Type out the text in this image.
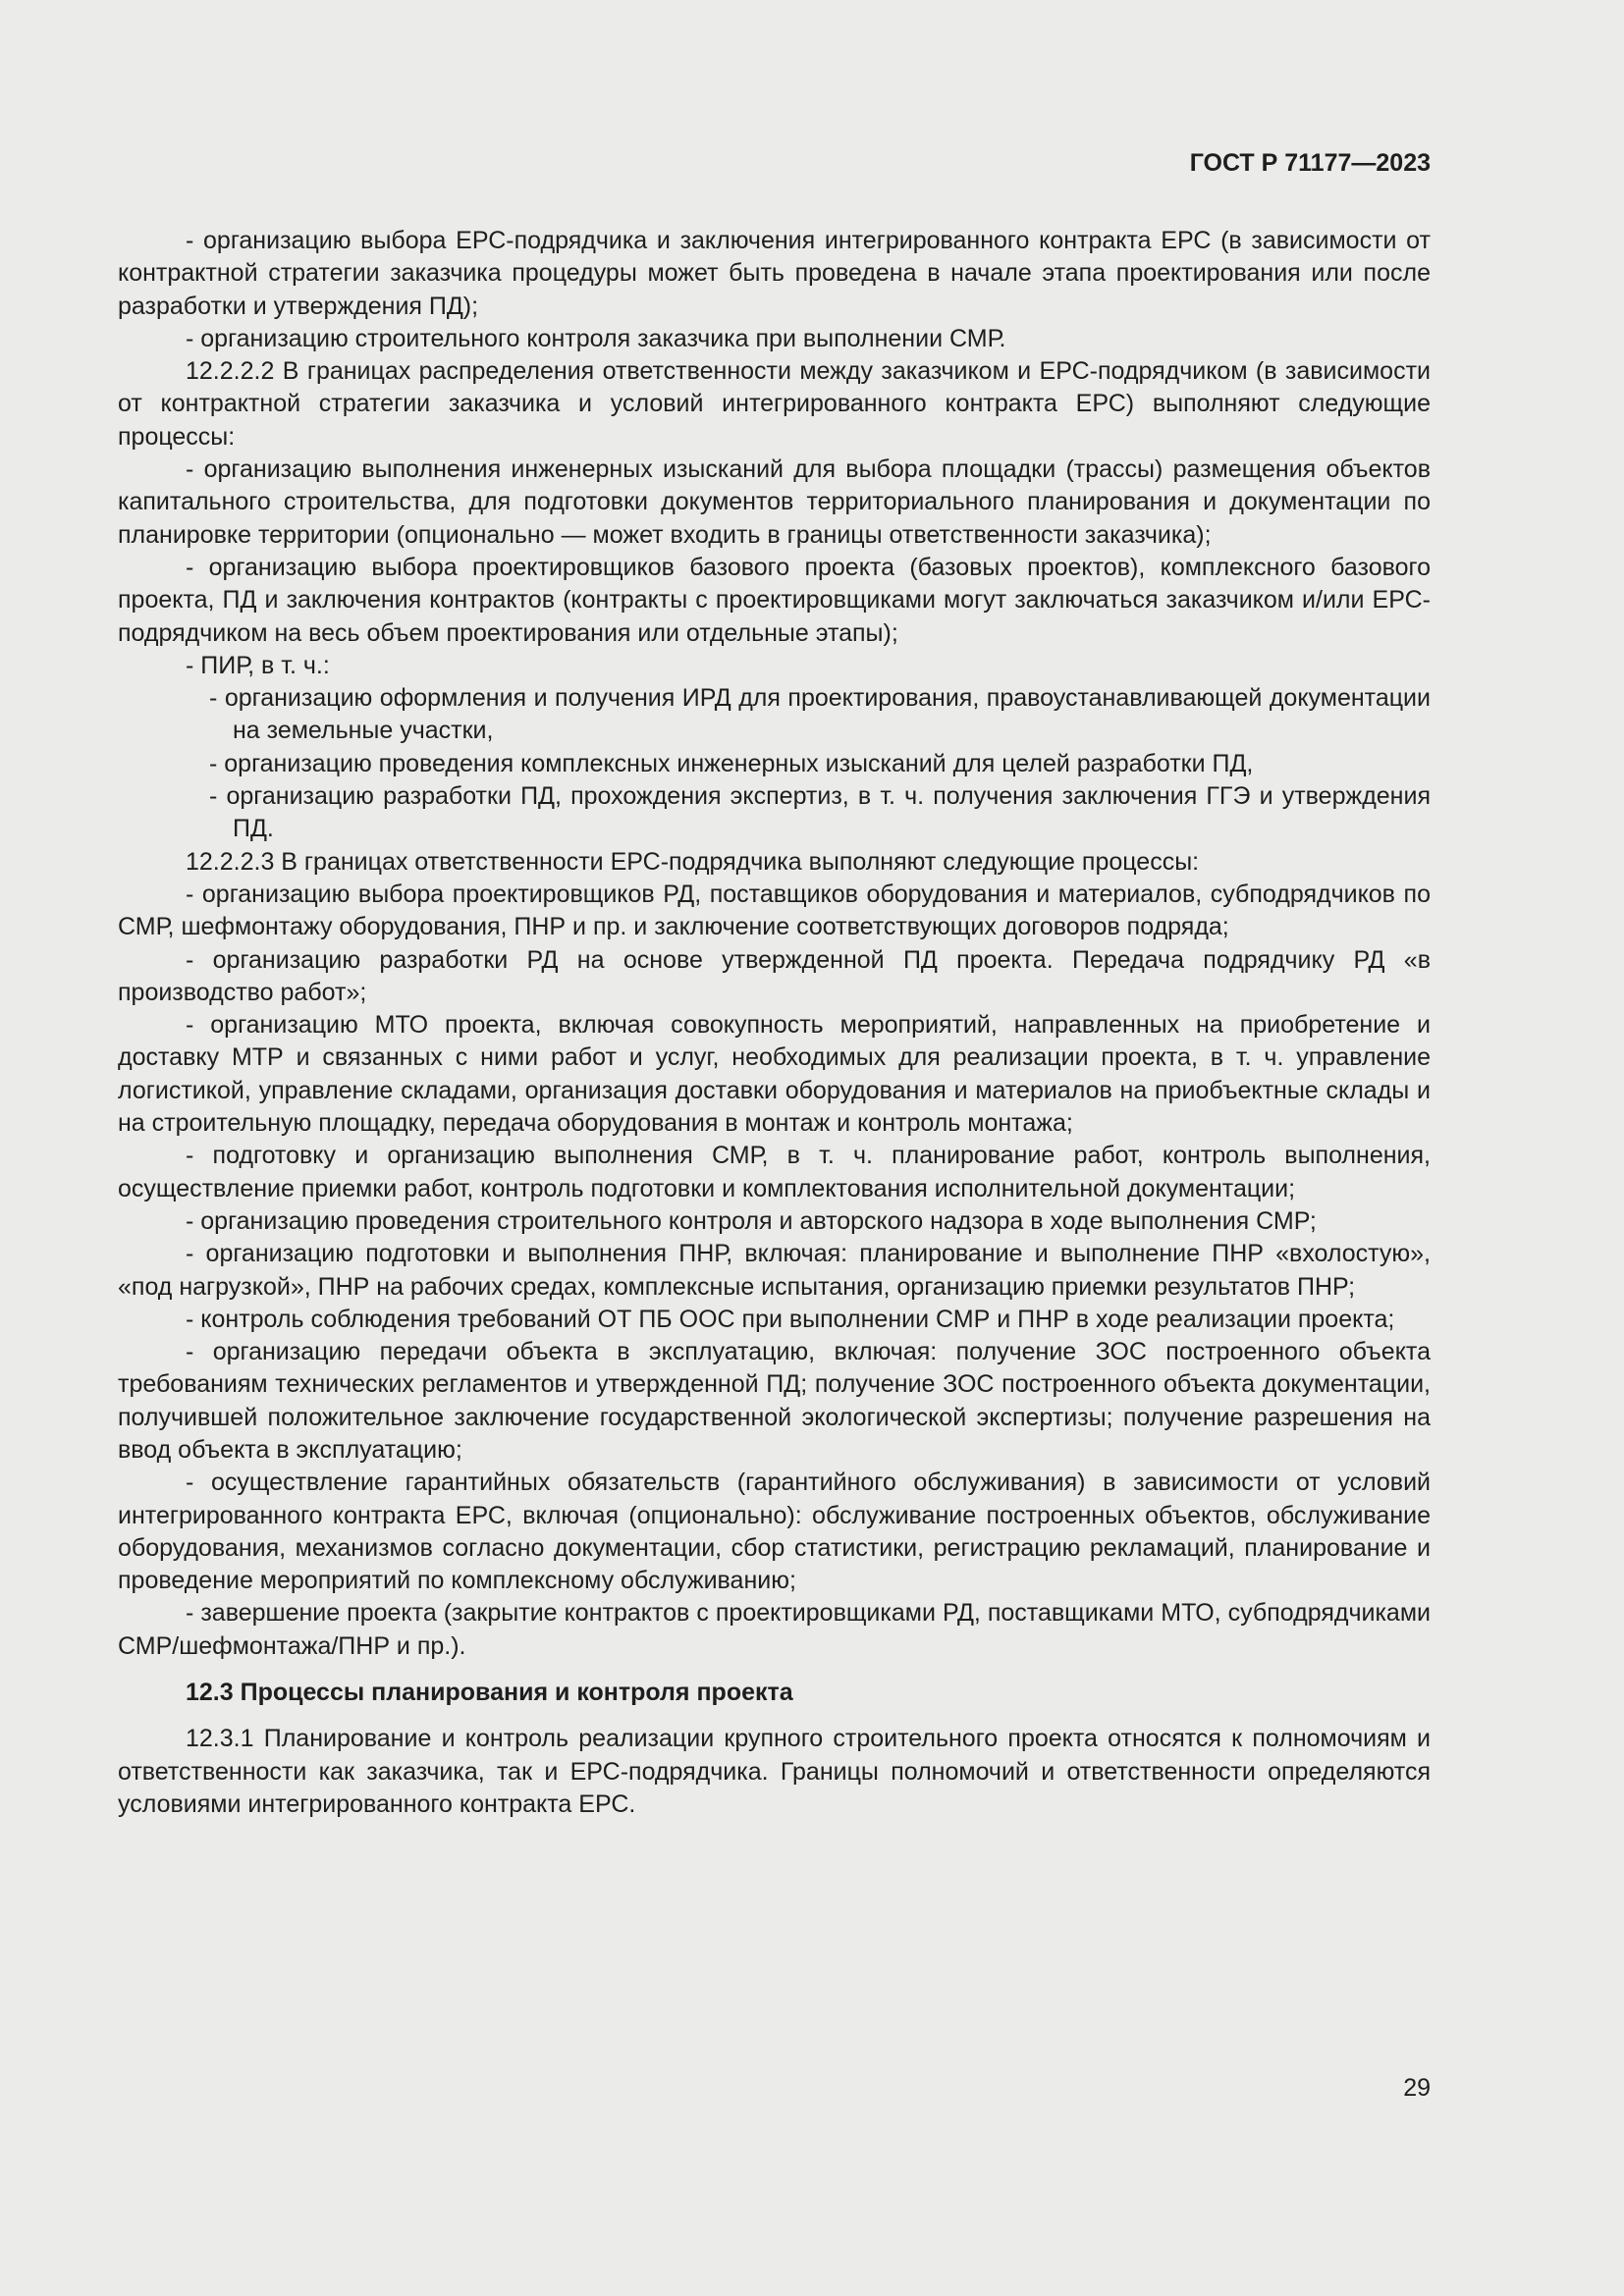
ГОСТ Р 71177—2023

- организацию выбора ЕРС-подрядчика и заключения интегрированного контракта ЕРС (в зависимости от контрактной стратегии заказчика процедуры может быть проведена в начале этапа проектирования или после разработки и утверждения ПД);

- организацию строительного контроля заказчика при выполнении СМР.

12.2.2.2 В границах распределения ответственности между заказчиком и ЕРС-подрядчиком (в зависимости от контрактной стратегии заказчика и условий интегрированного контракта ЕРС) выполняют следующие процессы:

- организацию выполнения инженерных изысканий для выбора площадки (трассы) размещения объектов капитального строительства, для подготовки документов территориального планирования и документации по планировке территории (опционально — может входить в границы ответственности заказчика);

- организацию выбора проектировщиков базового проекта (базовых проектов), комплексного базового проекта, ПД и заключения контрактов (контракты с проектировщиками могут заключаться заказчиком и/или ЕРС-подрядчиком на весь объем проектирования или отдельные этапы);

- ПИР, в т. ч.:

- организацию оформления и получения ИРД для проектирования, правоустанавливающей документации на земельные участки,

- организацию проведения комплексных инженерных изысканий для целей разработки ПД,

- организацию разработки ПД, прохождения экспертиз, в т. ч. получения заключения ГГЭ и утверждения ПД.

12.2.2.3 В границах ответственности ЕРС-подрядчика выполняют следующие процессы:

- организацию выбора проектировщиков РД, поставщиков оборудования и материалов, субподрядчиков по СМР, шефмонтажу оборудования, ПНР и пр. и заключение соответствующих договоров подряда;

- организацию разработки РД на основе утвержденной ПД проекта. Передача подрядчику РД «в производство работ»;

- организацию МТО проекта, включая совокупность мероприятий, направленных на приобретение и доставку МТР и связанных с ними работ и услуг, необходимых для реализации проекта, в т. ч. управление логистикой, управление складами, организация доставки оборудования и материалов на приобъектные склады и на строительную площадку, передача оборудования в монтаж и контроль монтажа;

- подготовку и организацию выполнения СМР, в т. ч. планирование работ, контроль выполнения, осуществление приемки работ, контроль подготовки и комплектования исполнительной документации;

- организацию проведения строительного контроля и авторского надзора в ходе выполнения СМР;

- организацию подготовки и выполнения ПНР, включая: планирование и выполнение ПНР «вхолостую», «под нагрузкой», ПНР на рабочих средах, комплексные испытания, организацию приемки результатов ПНР;

- контроль соблюдения требований ОТ ПБ ООС при выполнении СМР и ПНР в ходе реализации проекта;

- организацию передачи объекта в эксплуатацию, включая: получение ЗОС построенного объекта требованиям технических регламентов и утвержденной ПД; получение ЗОС построенного объекта документации, получившей положительное заключение государственной экологической экспертизы; получение разрешения на ввод объекта в эксплуатацию;

- осуществление гарантийных обязательств (гарантийного обслуживания) в зависимости от условий интегрированного контракта ЕРС, включая (опционально): обслуживание построенных объектов, обслуживание оборудования, механизмов согласно документации, сбор статистики, регистрацию рекламаций, планирование и проведение мероприятий по комплексному обслуживанию;

- завершение проекта (закрытие контрактов с проектировщиками РД, поставщиками МТО, субподрядчиками СМР/шефмонтажа/ПНР и пр.).

12.3 Процессы планирования и контроля проекта

12.3.1 Планирование и контроль реализации крупного строительного проекта относятся к полномочиям и ответственности как заказчика, так и ЕРС-подрядчика. Границы полномочий и ответственности определяются условиями интегрированного контракта ЕРС.

29
